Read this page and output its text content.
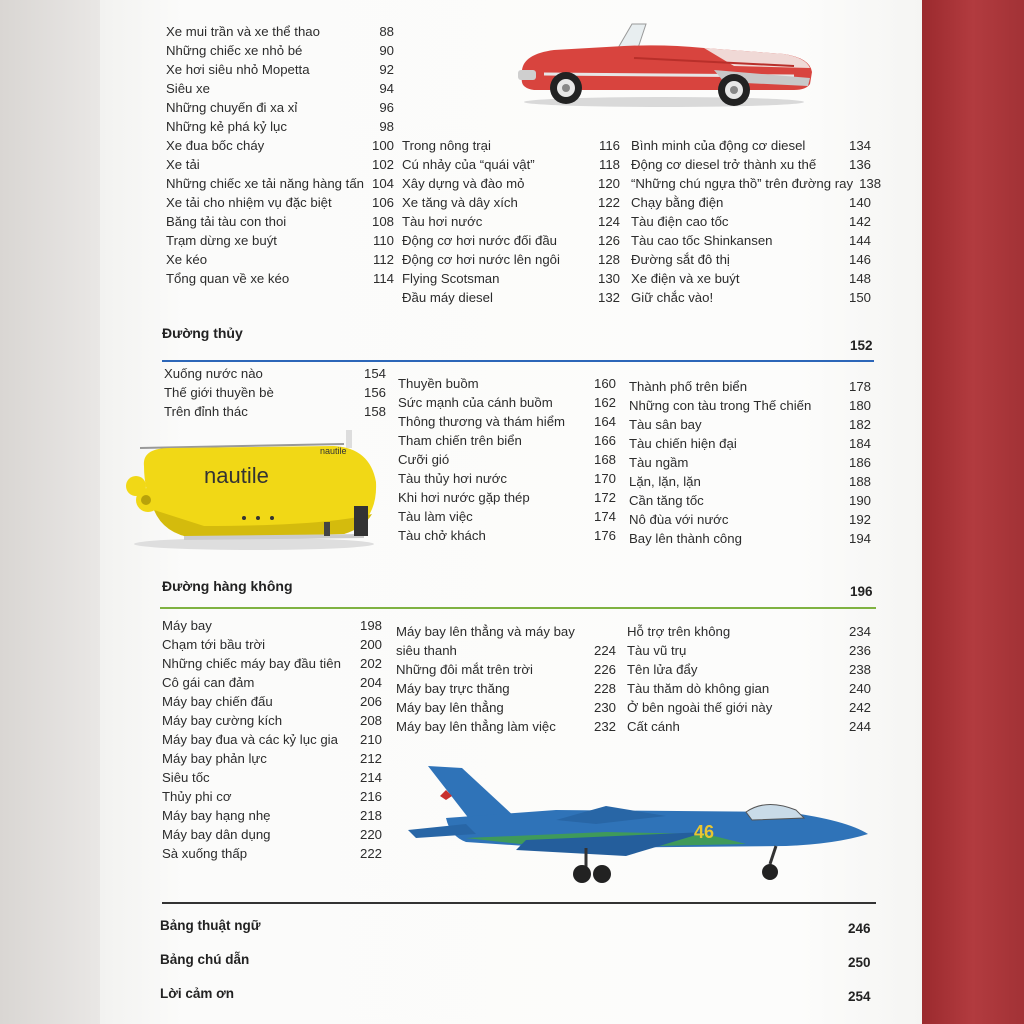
Xe mui trần và xe thể thao	88
Những chiếc xe nhỏ bé	90
Xe hơi siêu nhỏ Mopetta	92
Siêu xe	94
Những chuyến đi xa xỉ	96
Những kẻ phá kỷ lục	98
Xe đua bốc cháy	100
Xe tải	102
Những chiếc xe tải năng hàng tấn 104
Xe tải cho nhiệm vụ đặc biệt	106
Băng tải tàu con thoi	108
Trạm dừng xe buýt	110
Xe kéo	112
Tổng quan về xe kéo	114
Trong nông trại	116
Cú nhảy của “quái vật”	118
Xây dựng và đào mỏ	120
Xe tăng và dây xích	122
Tàu hơi nước	124
Động cơ hơi nước đối đầu	126
Động cơ hơi nước lên ngôi	128
Flying Scotsman	130
Đầu máy diesel	132
Bình minh của động cơ diesel	134
Động cơ diesel trở thành xu thế 136
“Những chú ngựa thồ” trên đường ray 138
Chạy bằng điện	140
Tàu điện cao tốc	142
Tàu cao tốc Shinkansen	144
Đường sắt đô thị	146
Xe điện và xe buýt	148
Giữ chắc vào!	150
Đường thủy
152
Xuống nước nào	154
Thế giới thuyền bè	156
Trên đỉnh thác	158
Thuyền buồm	160
Sức mạnh của cánh buồm	162
Thông thương và thám hiểm 164
Tham chiến trên biển	166
Cưỡi gió	168
Tàu thủy hơi nước	170
Khi hơi nước gặp thép	172
Tàu làm việc	174
Tàu chở khách	176
Thành phố trên biển	178
Những con tàu trong Thế chiến	180
Tàu sân bay	182
Tàu chiến hiện đại	184
Tàu ngầm	186
Lặn, lặn, lặn	188
Cần tăng tốc	190
Nô đùa với nước	192
Bay lên thành công	194
nautile
nautile
Đường hàng không	196
Máy bay	198
Chạm tới bầu trời	200
Những chiếc máy bay đầu tiên 202
Cô gái can đảm	204
Máy bay chiến đấu	206
Máy bay cường kích	208
Máy bay đua và các kỷ lục gia 210
Máy bay phản lực	212
Siêu tốc	214
Thủy phi cơ	216
Máy bay hạng nhẹ	218
Máy bay dân dụng	220
Sà xuống thấp	222
Máy bay lên thẳng và máy bay
siêu thanh	224
Những đôi mắt trên trời	226
Máy bay trực thăng	228
Máy bay lên thẳng	230
Máy bay lên thẳng làm việc	232
Hỗ trợ trên không	234
Tàu vũ trụ	236
Tên lửa đẩy	238
Tàu thăm dò không gian	240
Ở bên ngoài thế giới này	242
Cất cánh	244
46
Bảng thuật ngữ	246
Bảng chú dẫn	250
Lời cảm ơn	254
